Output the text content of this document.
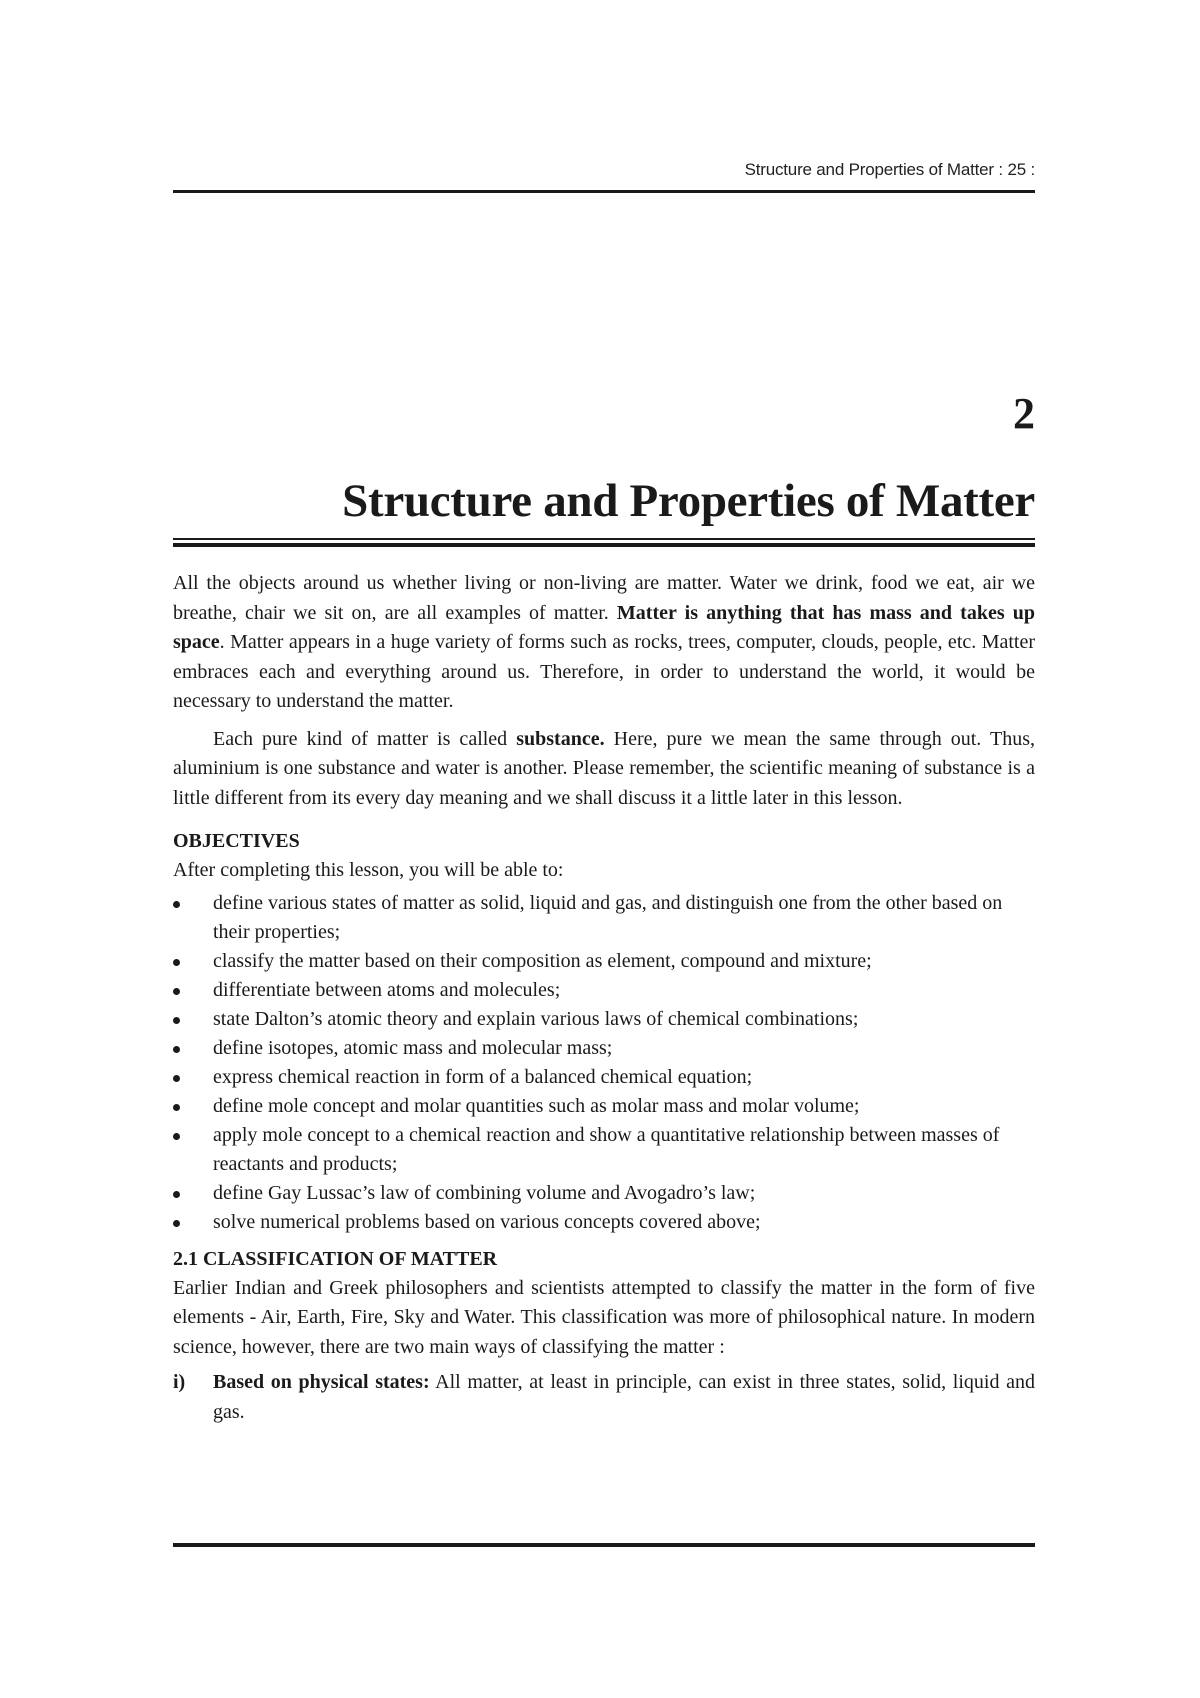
Structure and Properties of Matter : 25 :
2
Structure and Properties of Matter

All the objects around us whether living or non-living are matter. Water we drink, food we eat, air we breathe, chair we sit on, are all examples of matter. Matter is anything that has mass and takes up space. Matter appears in a huge variety of forms such as rocks, trees, computer, clouds, people, etc. Matter embraces each and everything around us. Therefore, in order to understand the world, it would be necessary to understand the matter.

Each pure kind of matter is called substance. Here, pure we mean the same through out. Thus, aluminium is one substance and water is another. Please remember, the scientific meaning of substance is a little different from its every day meaning and we shall discuss it a little later in this lesson.

OBJECTIVES
After completing this lesson, you will be able to:
define various states of matter as solid, liquid and gas, and distinguish one from the other based on their properties;
classify the matter based on their composition as element, compound and mixture;
differentiate between atoms and molecules;
state Dalton’s atomic theory and explain various laws of chemical combinations;
define isotopes, atomic mass and molecular mass;
express chemical reaction in form of a balanced chemical equation;
define mole concept and molar quantities such as molar mass and molar volume;
apply mole concept to a chemical reaction and show a quantitative relationship between masses of reactants and products;
define Gay Lussac’s law of combining volume and Avogadro’s law;
solve numerical problems based on various concepts covered above;
2.1 CLASSIFICATION OF MATTER

Earlier Indian and Greek philosophers and scientists attempted to classify the matter in the form of five elements - Air, Earth, Fire, Sky and Water. This classification was more of philosophical nature. In modern science, however, there are two main ways of classifying the matter :

i) Based on physical states: All matter, at least in principle, can exist in three states, solid, liquid and gas.
